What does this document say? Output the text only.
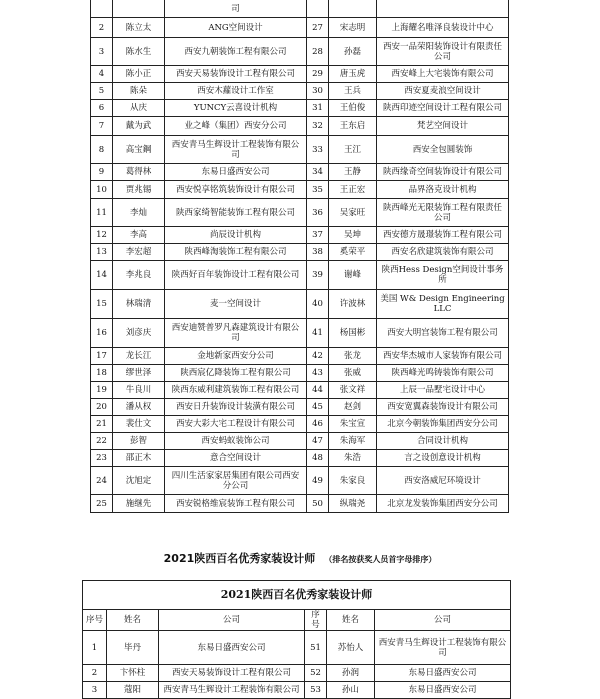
		司			
2	陈立太	ANG空间设计	27	宋志明	上海耀名唯泽良装设计中心
3	陈水生	西安九朝装饰工程有限公司	28	孙磊	西安一品荣阳装饰设计有限责任公司
4	陈小正	西安天易装饰设计工程有限公司	29	唐玉虎	西安峰上大宅装饰有限公司
5	陈朵	西安木蘿设计工作室	30	王兵	西安夏麦浪空间设计
6	从庆	YUNCY云喜设计机构	31	王伯俊	陕西印迹空间设计工程有限公司
7	戴为武	业之峰（集团）西安分公司	32	王东启	梵艺空间设计
8	高宝鋼	西安青马生辉设计工程装饰有限公司	33	王江	西安全包圆装饰
9	葛得林	东易日盛西安公司	34	王静	陕西缘奇空间装饰设计有限公司
10	贾兆锡	西安悦享铭筑装饰设计有限公司	35	王正宏	品界洛克设计机构
11	李灿	陕西家绮智能装饰工程有限公司	36	吴家旺	陕西峰光无限装饰工程有限责任公司
12	李高	尚辰设计机构	37	吴坤	西安德方晟璟装饰工程有限公司
13	李宏超	陕西峰淘装饰工程有限公司	38	奚荣平	西安名欣建筑装饰有限公司
14	李兆良	陕西好百年装饰设计工程有限公司	39	谢峰	陕西Hess Design空间设计事务所
15	林瑞清	麦一空间设计	40	许波林	美国 W& Design Engineering LLC
16	刘彦庆	西安迪赞普罗凡森建筑设计有限公司	41	杨国彬	西安大明宫装饰工程有限公司
17	龙长江	金地新家西安分公司	42	张龙	西安华杰城市人家装饰有限公司
18	缪世泽	陕西宸亿降装饰工程有限公司	43	张威	陕西峰光鸣铸装饰有限公司
19	牛良川	陕西东威利建筑装饰工程有限公司	44	张文祥	上辰一品墅宅设计中心
20	潘从权	西安日升装饰设计装潢有限公司	45	赵剑	西安宽翼森装饰设计有限公司
21	裴仕文	西安大彩大宅工程设计有限公司	46	朱宝宣	北京今朝装饰集团西安分公司
22	彭智	西安蚂蚁装饰公司	47	朱海军	合同设计机构
23	邵正木	意合空间设计	48	朱浩	言之设创意设计机构
24	沈旭定	四川生活家家居集团有限公司西安分公司	49	朱家良	西安洛威尼环境设计
25	施继先	西安锐格维宸装饰工程有限公司	50	纵瑞尧	北京龙发装饰集团西安分公司
2021陕西百名优秀家装设计师 （排名按获奖人员首字母排序）
2021陕西百名优秀家装设计师					
序号	姓名	公司	序号	姓名	公司
1	毕丹	东易日盛西安公司	51	苏怡人	西安青马生辉设计工程装饰有限公司
2	卞怀柱	西安天易装饰设计工程有限公司	52	孙润	东易日盛西安公司
3	蔻阳	西安青马生辉设计工程装饰有限公司	53	孙山	东易日盛西安公司
